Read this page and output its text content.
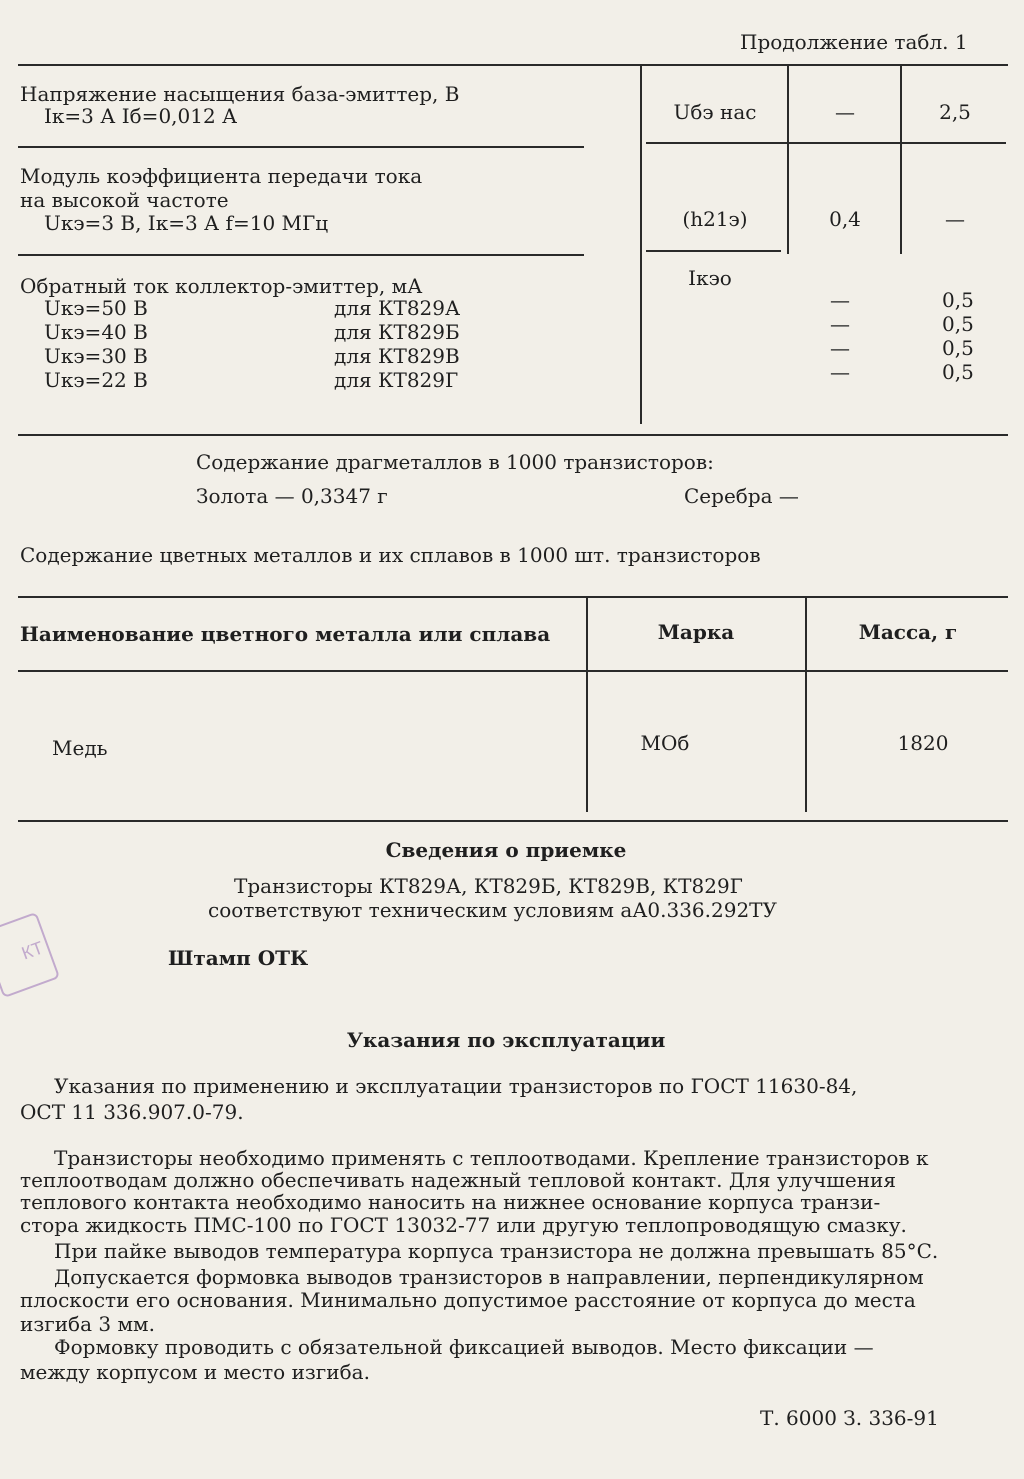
Продолжение табл. 1
Напряжение насыщения база-эмиттер, В
Iк=3 А Iб=0,012 А	Uбэ нас	—	2,5
Модуль коэффициента передачи тока
на высокой частоте
Uкэ=3 В, Iк=3 А f=10 МГц	(h21э)	0,4	—
Обратный ток коллектор-эмиттер, мА	Iкэо
Uкэ=50 В	для КТ829А	—	0,5
Uкэ=40 В	для КТ829Б	—	0,5
Uкэ=30 В	для КТ829В	—	0,5
Uкэ=22 В	для КТ829Г	—	0,5
Содержание драгметаллов в 1000 транзисторов:
Золота — 0,3347 г	Серебра —
Содержание цветных металлов и их сплавов в 1000 шт. транзисторов
Наименование цветного металла или сплава	Марка	Масса, г
Медь	МОб	1820
Сведения о приемке
Транзисторы КТ829А, КТ829Б, КТ829В, КТ829Г
соответствуют техническим условиям аА0.336.292ТУ
Штамп ОТК
КТ
Указания по эксплуатации
Указания по применению и эксплуатации транзисторов по ГОСТ 11630-84,
ОСТ 11 336.907.0-79.
Транзисторы необходимо применять с теплоотводами. Крепление транзисторов к
теплоотводам должно обеспечивать надежный тепловой контакт. Для улучшения
теплового контакта необходимо наносить на нижнее основание корпуса транзи-
стора жидкость ПМС-100 по ГОСТ 13032-77 или другую теплопроводящую смазку.
При пайке выводов температура корпуса транзистора не должна превышать 85°С.
Допускается формовка выводов транзисторов в направлении, перпендикулярном
плоскости его основания. Минимально допустимое расстояние от корпуса до места
изгиба 3 мм.
Формовку проводить с обязательной фиксацией выводов. Место фиксации —
между корпусом и место изгиба.
Т. 6000 З. 336-91
